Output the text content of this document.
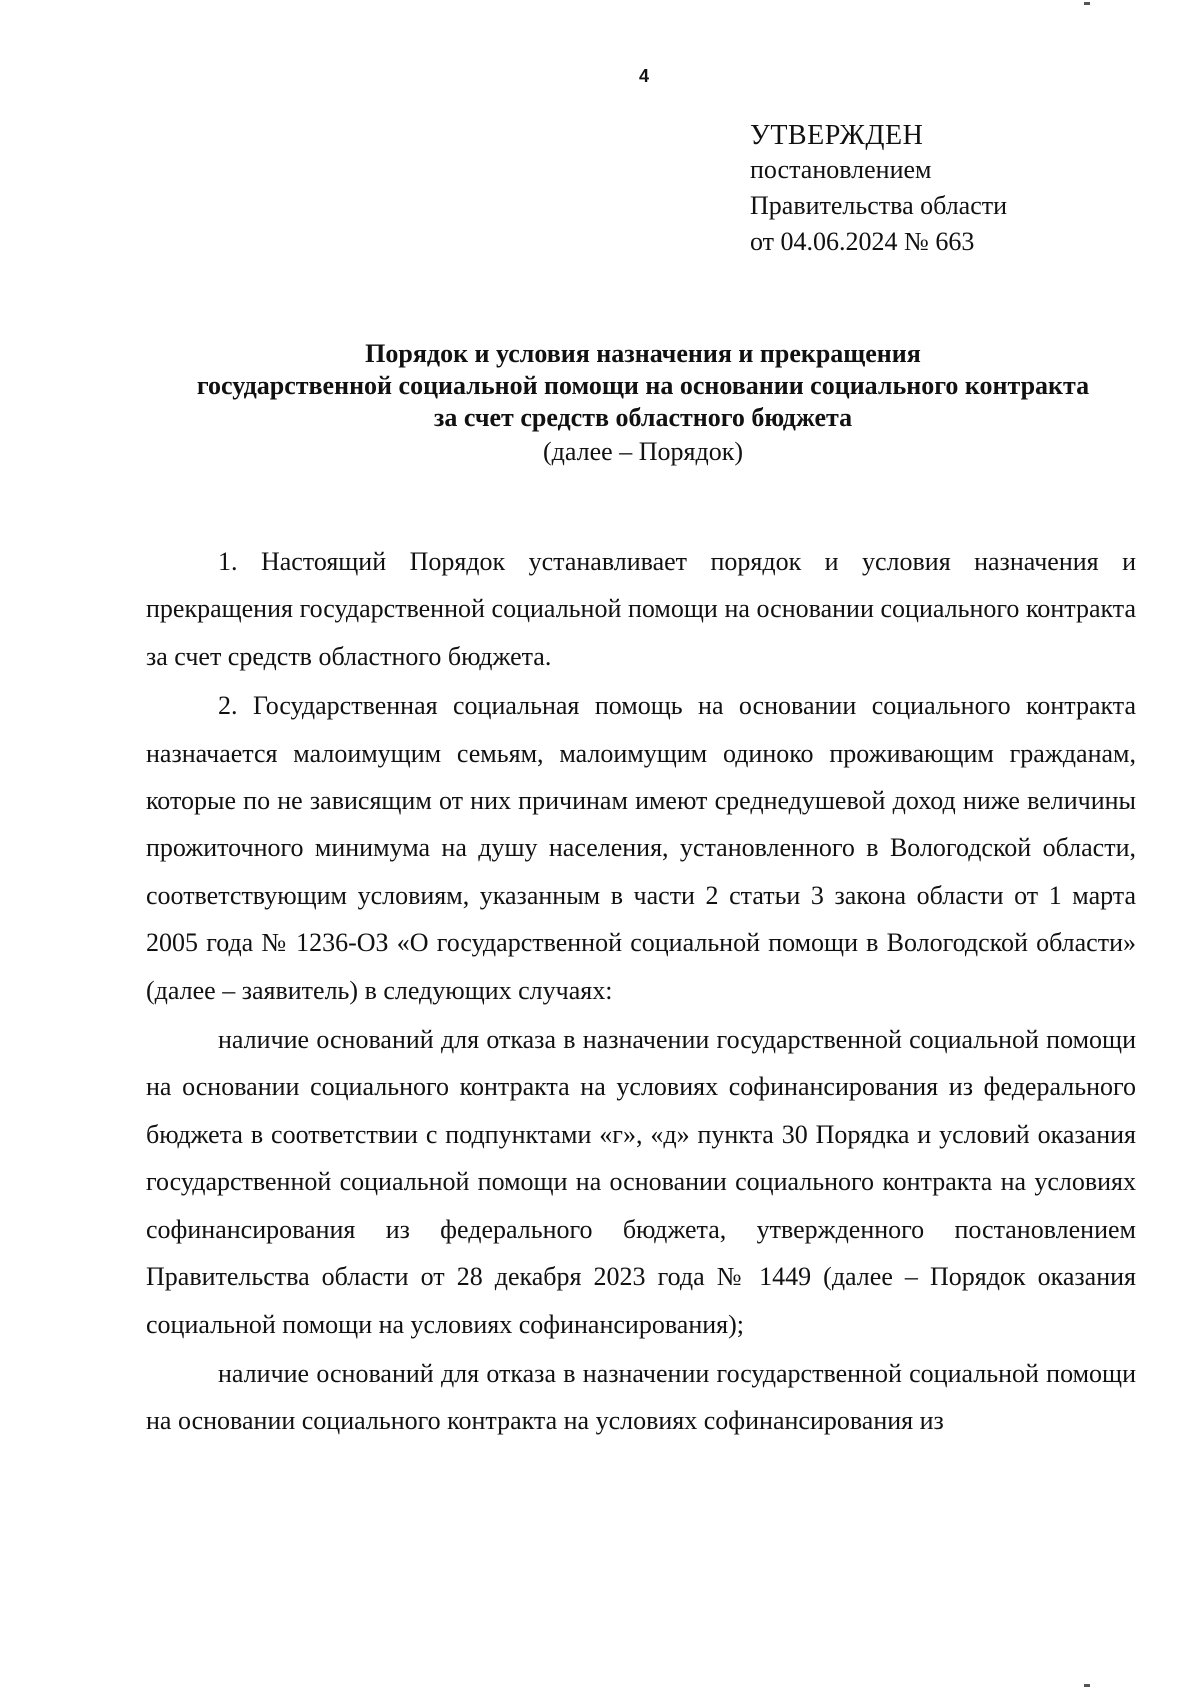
4
УТВЕРЖДЕН
постановлением
Правительства области
от 04.06.2024 № 663
Порядок и условия назначения и прекращения
государственной социальной помощи на основании социального контракта
за счет средств областного бюджета
(далее – Порядок)

1. Настоящий Порядок устанавливает порядок и условия назначения и прекращения государственной социальной помощи на основании социального контракта за счет средств областного бюджета.

2. Государственная социальная помощь на основании социального контракта назначается малоимущим семьям, малоимущим одиноко проживающим гражданам, которые по не зависящим от них причинам имеют среднедушевой доход ниже величины прожиточного минимума на душу населения, установленного в Вологодской области, соответствующим условиям, указанным в части 2 статьи 3 закона области от 1 марта 2005 года № 1236-ОЗ «О государственной социальной помощи в Вологодской области» (далее – заявитель) в следующих случаях:

наличие оснований для отказа в назначении государственной социальной помощи на основании социального контракта на условиях софинансирования из федерального бюджета в соответствии с подпунктами «г», «д» пункта 30 Порядка и условий оказания государственной социальной помощи на основании социального контракта на условиях софинансирования из федерального бюджета, утвержденного постановлением Правительства области от 28 декабря 2023 года № 1449 (далее – Порядок оказания социальной помощи на условиях софинансирования);

наличие оснований для отказа в назначении государственной социальной помощи на основании социального контракта на условиях софинансирования из
